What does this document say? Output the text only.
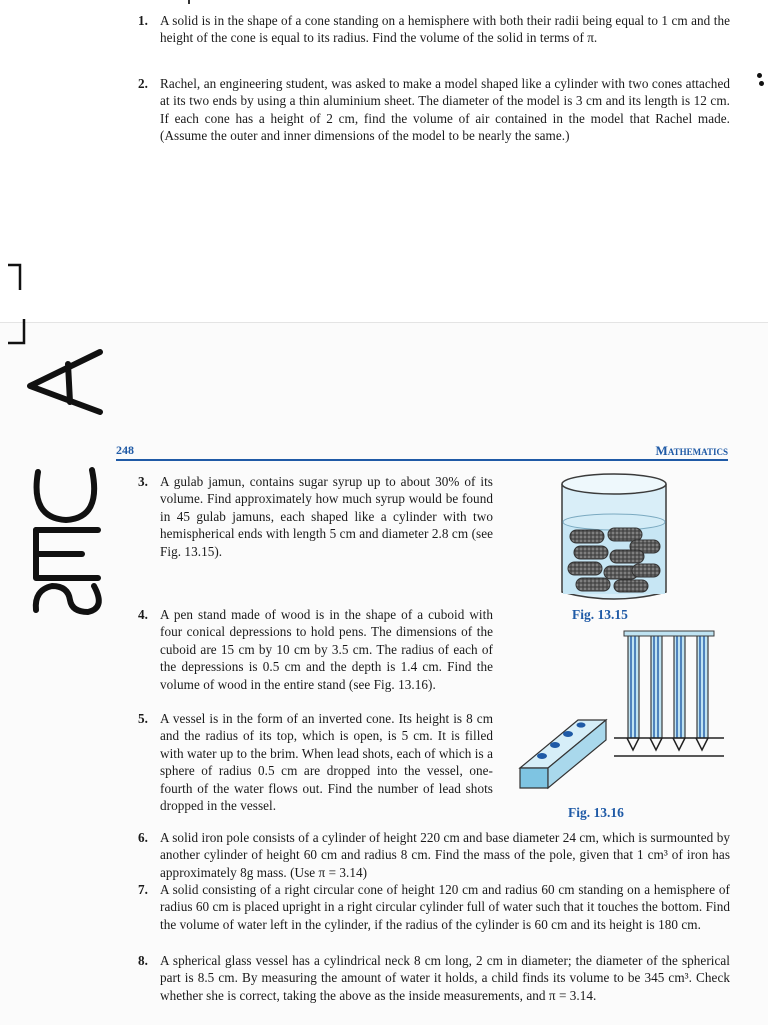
1. A solid is in the shape of a cone standing on a hemisphere with both their radii being equal to 1 cm and the height of the cone is equal to its radius. Find the volume of the solid in terms of π.
2. Rachel, an engineering student, was asked to make a model shaped like a cylinder with two cones attached at its two ends by using a thin aluminium sheet. The diameter of the model is 3 cm and its length is 12 cm. If each cone has a height of 2 cm, find the volume of air contained in the model that Rachel made. (Assume the outer and inner dimensions of the model to be nearly the same.)
248	Mathematics
3. A gulab jamun, contains sugar syrup up to about 30% of its volume. Find approximately how much syrup would be found in 45 gulab jamuns, each shaped like a cylinder with two hemispherical ends with length 5 cm and diameter 2.8 cm (see Fig. 13.15).
4. A pen stand made of wood is in the shape of a cuboid with four conical depressions to hold pens. The dimensions of the cuboid are 15 cm by 10 cm by 3.5 cm. The radius of each of the depressions is 0.5 cm and the depth is 1.4 cm. Find the volume of wood in the entire stand (see Fig. 13.16).
5. A vessel is in the form of an inverted cone. Its height is 8 cm and the radius of its top, which is open, is 5 cm. It is filled with water up to the brim. When lead shots, each of which is a sphere of radius 0.5 cm are dropped into the vessel, one-fourth of the water flows out. Find the number of lead shots dropped in the vessel.
6. A solid iron pole consists of a cylinder of height 220 cm and base diameter 24 cm, which is surmounted by another cylinder of height 60 cm and radius 8 cm. Find the mass of the pole, given that 1 cm³ of iron has approximately 8g mass. (Use π = 3.14)
7. A solid consisting of a right circular cone of height 120 cm and radius 60 cm standing on a hemisphere of radius 60 cm is placed upright in a right circular cylinder full of water such that it touches the bottom. Find the volume of water left in the cylinder, if the radius of the cylinder is 60 cm and its height is 180 cm.
8. A spherical glass vessel has a cylindrical neck 8 cm long, 2 cm in diameter; the diameter of the spherical part is 8.5 cm. By measuring the amount of water it holds, a child finds its volume to be 345 cm³. Check whether she is correct, taking the above as the inside measurements, and π = 3.14.
Fig. 13.15
Fig. 13.16
